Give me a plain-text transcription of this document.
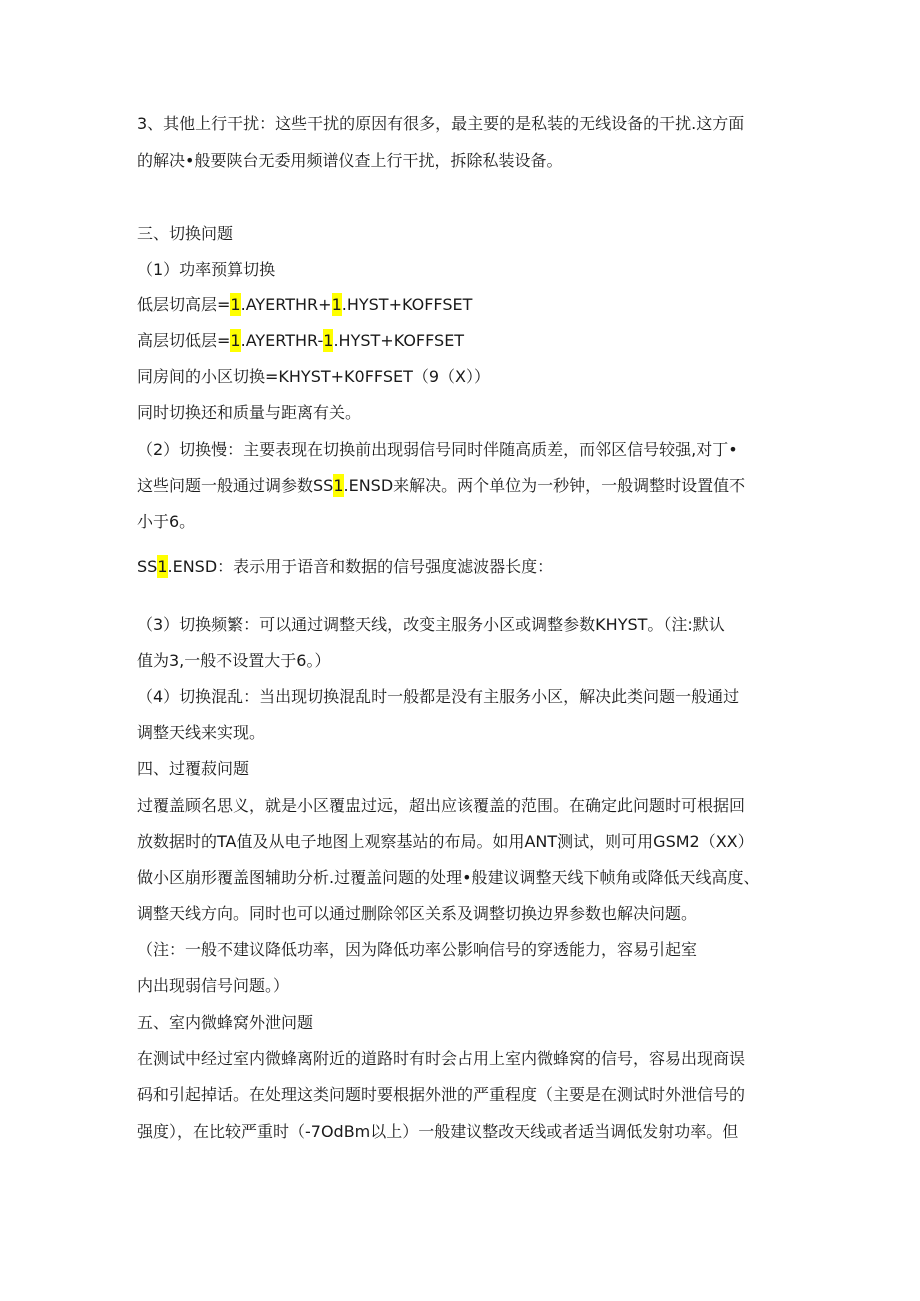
3、其他上行干扰：这些干扰的原因有很多，最主要的是私装的无线设备的干扰.这方面
的解决•般要陕台无委用频谱仪查上行干扰，拆除私装设备。
三、切换问题
（1）功率预算切换
低层切高层=1.AYERTHR+1.HYST+KOFFSET
高层切低层=1.AYERTHR-1.HYST+KOFFSET
同房间的小区切换=KHYST+K0FFSET（9（X））
同时切换还和质量与距离有关。
（2）切换慢：主要表现在切换前出现弱信号同时伴随高质差，而邻区信号较强,对丁•
这些问题一般通过调参数SS1.ENSD来解决。两个单位为一秒钟，一般调整时设置值不
小于6。
SS1.ENSD：表示用于语音和数据的信号强度滤波器长度：
（3）切换频繁：可以通过调整天线，改变主服务小区或调整参数KHYST。（注:默认
值为3,一般不设置大于6。）
（4）切换混乱：当出现切换混乱时一般都是没有主服务小区，解决此类问题一般通过
调整天线来实现。
四、过覆菽问题
过覆盖顾名思义，就是小区覆盅过远，超出应该覆盖的范围。在确定此问题时可根据回
放数据时的TA值及从电子地图上观察基站的布局。如用ANT测试，则可用GSM2（XX）
做小区崩形覆盖图辅助分析.过覆盖问题的处理•般建议调整天线下帧角或降低天线高度、
调整天线方向。同时也可以通过删除邻区关系及调整切换边界参数也解决问题。
（注：一般不建议降低功率，因为降低功率公影响信号的穿透能力，容易引起室
内出现弱信号问题。）
五、室内微蜂窝外泄问题
在测试中经过室内微蜂离附近的道路时有时会占用上室内微蜂窝的信号，容易出现商误
码和引起掉话。在处理这类问题时要根据外泄的严重程度（主要是在测试时外泄信号的
强度），在比较严重时（-7OdBm以上）一般建议整改天线或者适当调低发射功率。但
